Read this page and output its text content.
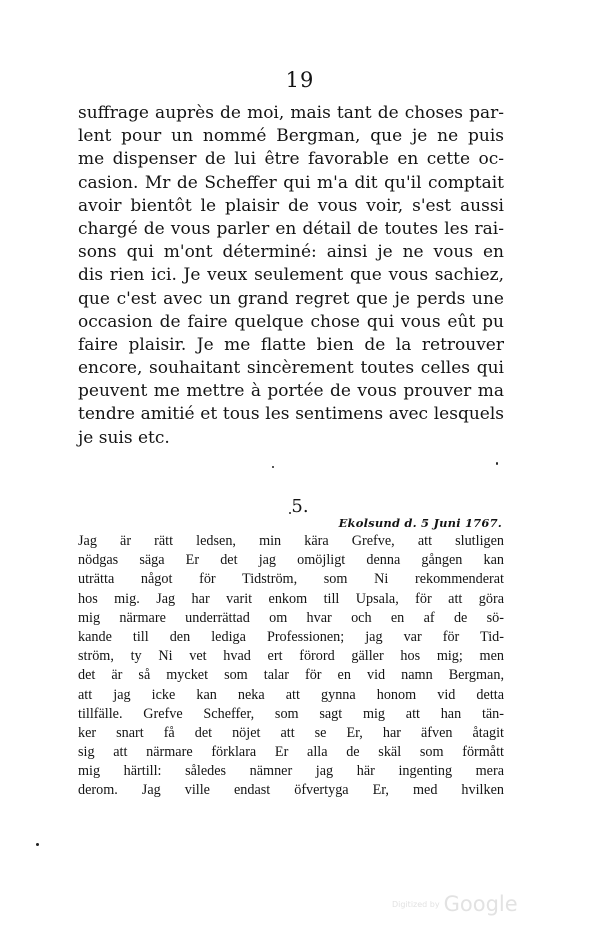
19
suffrage auprès de moi, mais tant de choses par-
lent pour un nommé Bergman, que je ne puis
me dispenser de lui être favorable en cette oc-
casion. Mr de Scheffer qui m'a dit qu'il comptait
avoir bientôt le plaisir de vous voir, s'est aussi
chargé de vous parler en détail de toutes les rai-
sons qui m'ont déterminé: ainsi je ne vous en
dis rien ici. Je veux seulement que vous sachiez,
que c'est avec un grand regret que je perds une
occasion de faire quelque chose qui vous eût pu
faire plaisir. Je me flatte bien de la retrouver
encore, souhaitant sincèrement toutes celles qui
peuvent me mettre à portée de vous prouver ma
tendre amitié et tous les sentimens avec lesquels
je suis etc.
5.
Ekolsund d. 5 Juni 1767.
Jag är rätt ledsen, min kära Grefve, att slutligen
nödgas säga Er det jag omöjligt denna gången kan
uträtta något för Tidström, som Ni rekommenderat
hos mig. Jag har varit enkom till Upsala, för att göra
mig närmare underrättad om hvar och en af de sö-
kande till den lediga Professionen; jag var för Tid-
ström, ty Ni vet hvad ert förord gäller hos mig; men
det är så mycket som talar för en vid namn Bergman,
att jag icke kan neka att gynna honom vid detta
tillfälle. Grefve Scheffer, som sagt mig att han tän-
ker snart få det nöjet att se Er, har äfven åtagit
sig att närmare förklara Er alla de skäl som förmått
mig härtill: således nämner jag här ingenting mera
derom. Jag ville endast öfvertyga Er, med hvilken
Digitized by Google
